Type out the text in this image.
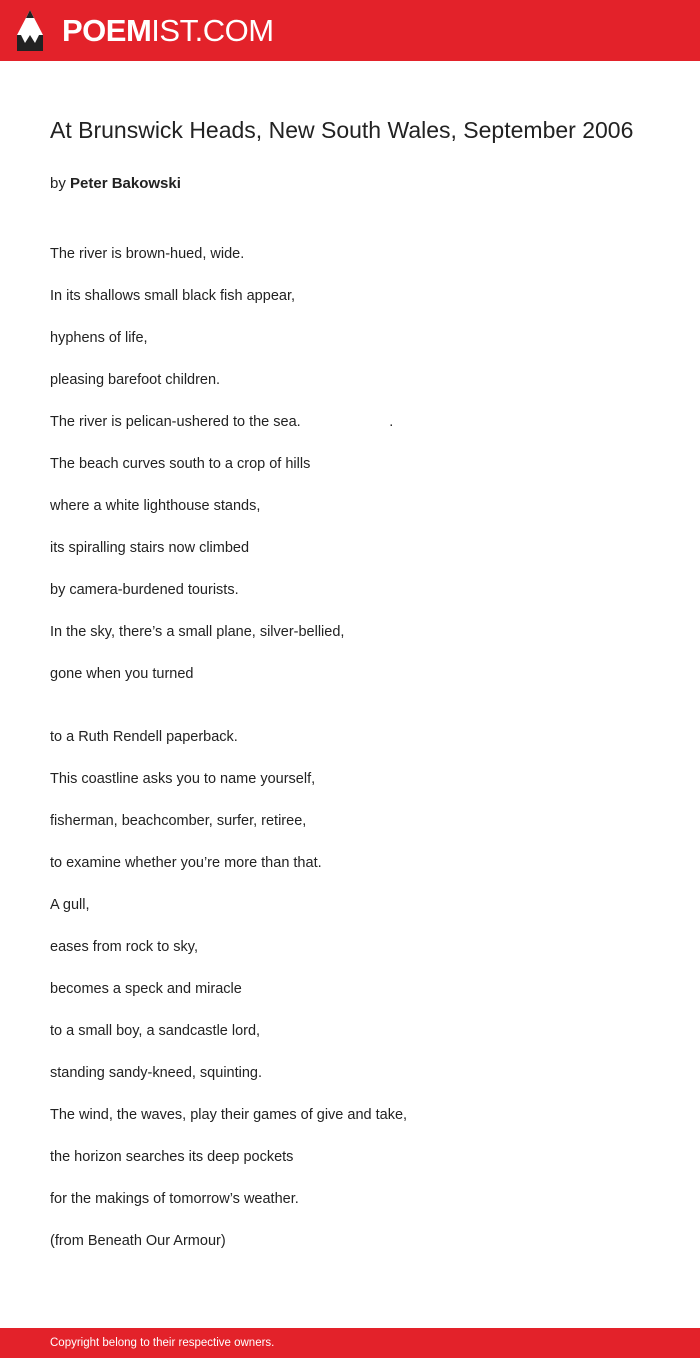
POEMIST.COM
At Brunswick Heads, New South Wales, September 2006
by Peter Bakowski
The river is brown-hued, wide.
In its shallows small black fish appear,
hyphens of life,
pleasing barefoot children.
The river is pelican-ushered to the sea.                      .
The beach curves south to a crop of hills
where a white lighthouse stands,
its spiralling stairs now climbed
by camera-burdened tourists.
In the sky, there’s a small plane, silver-bellied,
gone when you turned
to a Ruth Rendell paperback.
This coastline asks you to name yourself,
fisherman, beachcomber, surfer, retiree,
to examine whether you’re more than that.
A gull,
eases from rock to sky,
becomes a speck and miracle
to a small boy, a sandcastle lord,
standing sandy-kneed, squinting.
The wind, the waves, play their games of give and take,
the horizon searches its deep pockets
for the makings of tomorrow’s weather.
(from Beneath Our Armour)
Copyright belong to their respective owners.
